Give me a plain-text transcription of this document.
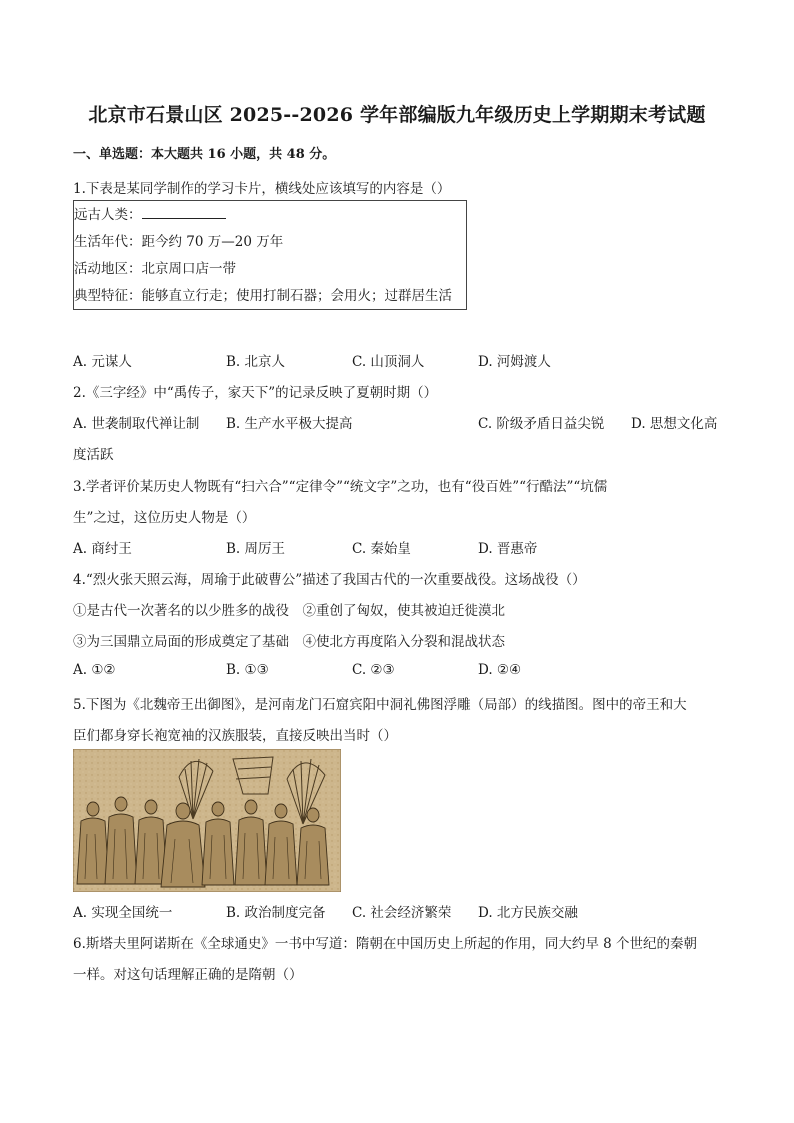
北京市石景山区 2025--2026 学年部编版九年级历史上学期期末考试题
一、单选题：本大题共 16 小题，共 48 分。
1.下表是某同学制作的学习卡片，横线处应该填写的内容是（）
远古人类：
生活年代：距今约 70 万—20 万年
活动地区：北京周口店一带
典型特征：能够直立行走；使用打制石器；会用火；过群居生活
A. 元谋人	B. 北京人	C. 山顶洞人	D. 河姆渡人
2.《三字经》中“禹传子，家天下”的记录反映了夏朝时期（）
A. 世袭制取代禅让制 B. 生产水平极大提高	C. 阶级矛盾日益尖锐 D. 思想文化高
度活跃
3.学者评价某历史人物既有“扫六合”“定律令”“统文字”之功，也有“役百姓”“行酷法”“坑儒
生”之过，这位历史人物是（）
A. 商纣王	B. 周厉王	C. 秦始皇	D. 晋惠帝
4.“烈火张天照云海，周瑜于此破曹公”描述了我国古代的一次重要战役。这场战役（）
①是古代一次著名的以少胜多的战役　②重创了匈奴，使其被迫迁徙漠北
③为三国鼎立局面的形成奠定了基础　④使北方再度陷入分裂和混战状态
A. ①②	B. ①③	C. ②③	D. ②④
5.下图为《北魏帝王出御图》，是河南龙门石窟宾阳中洞礼佛图浮雕（局部）的线描图。图中的帝王和大
臣们都身穿长袍宽袖的汉族服装，直接反映出当时（）
A. 实现全国统一	B. 政治制度完备 C. 社会经济繁荣 D. 北方民族交融
6.斯塔夫里阿诺斯在《全球通史》一书中写道：隋朝在中国历史上所起的作用，同大约早 8 个世纪的秦朝
一样。对这句话理解正确的是隋朝（）
